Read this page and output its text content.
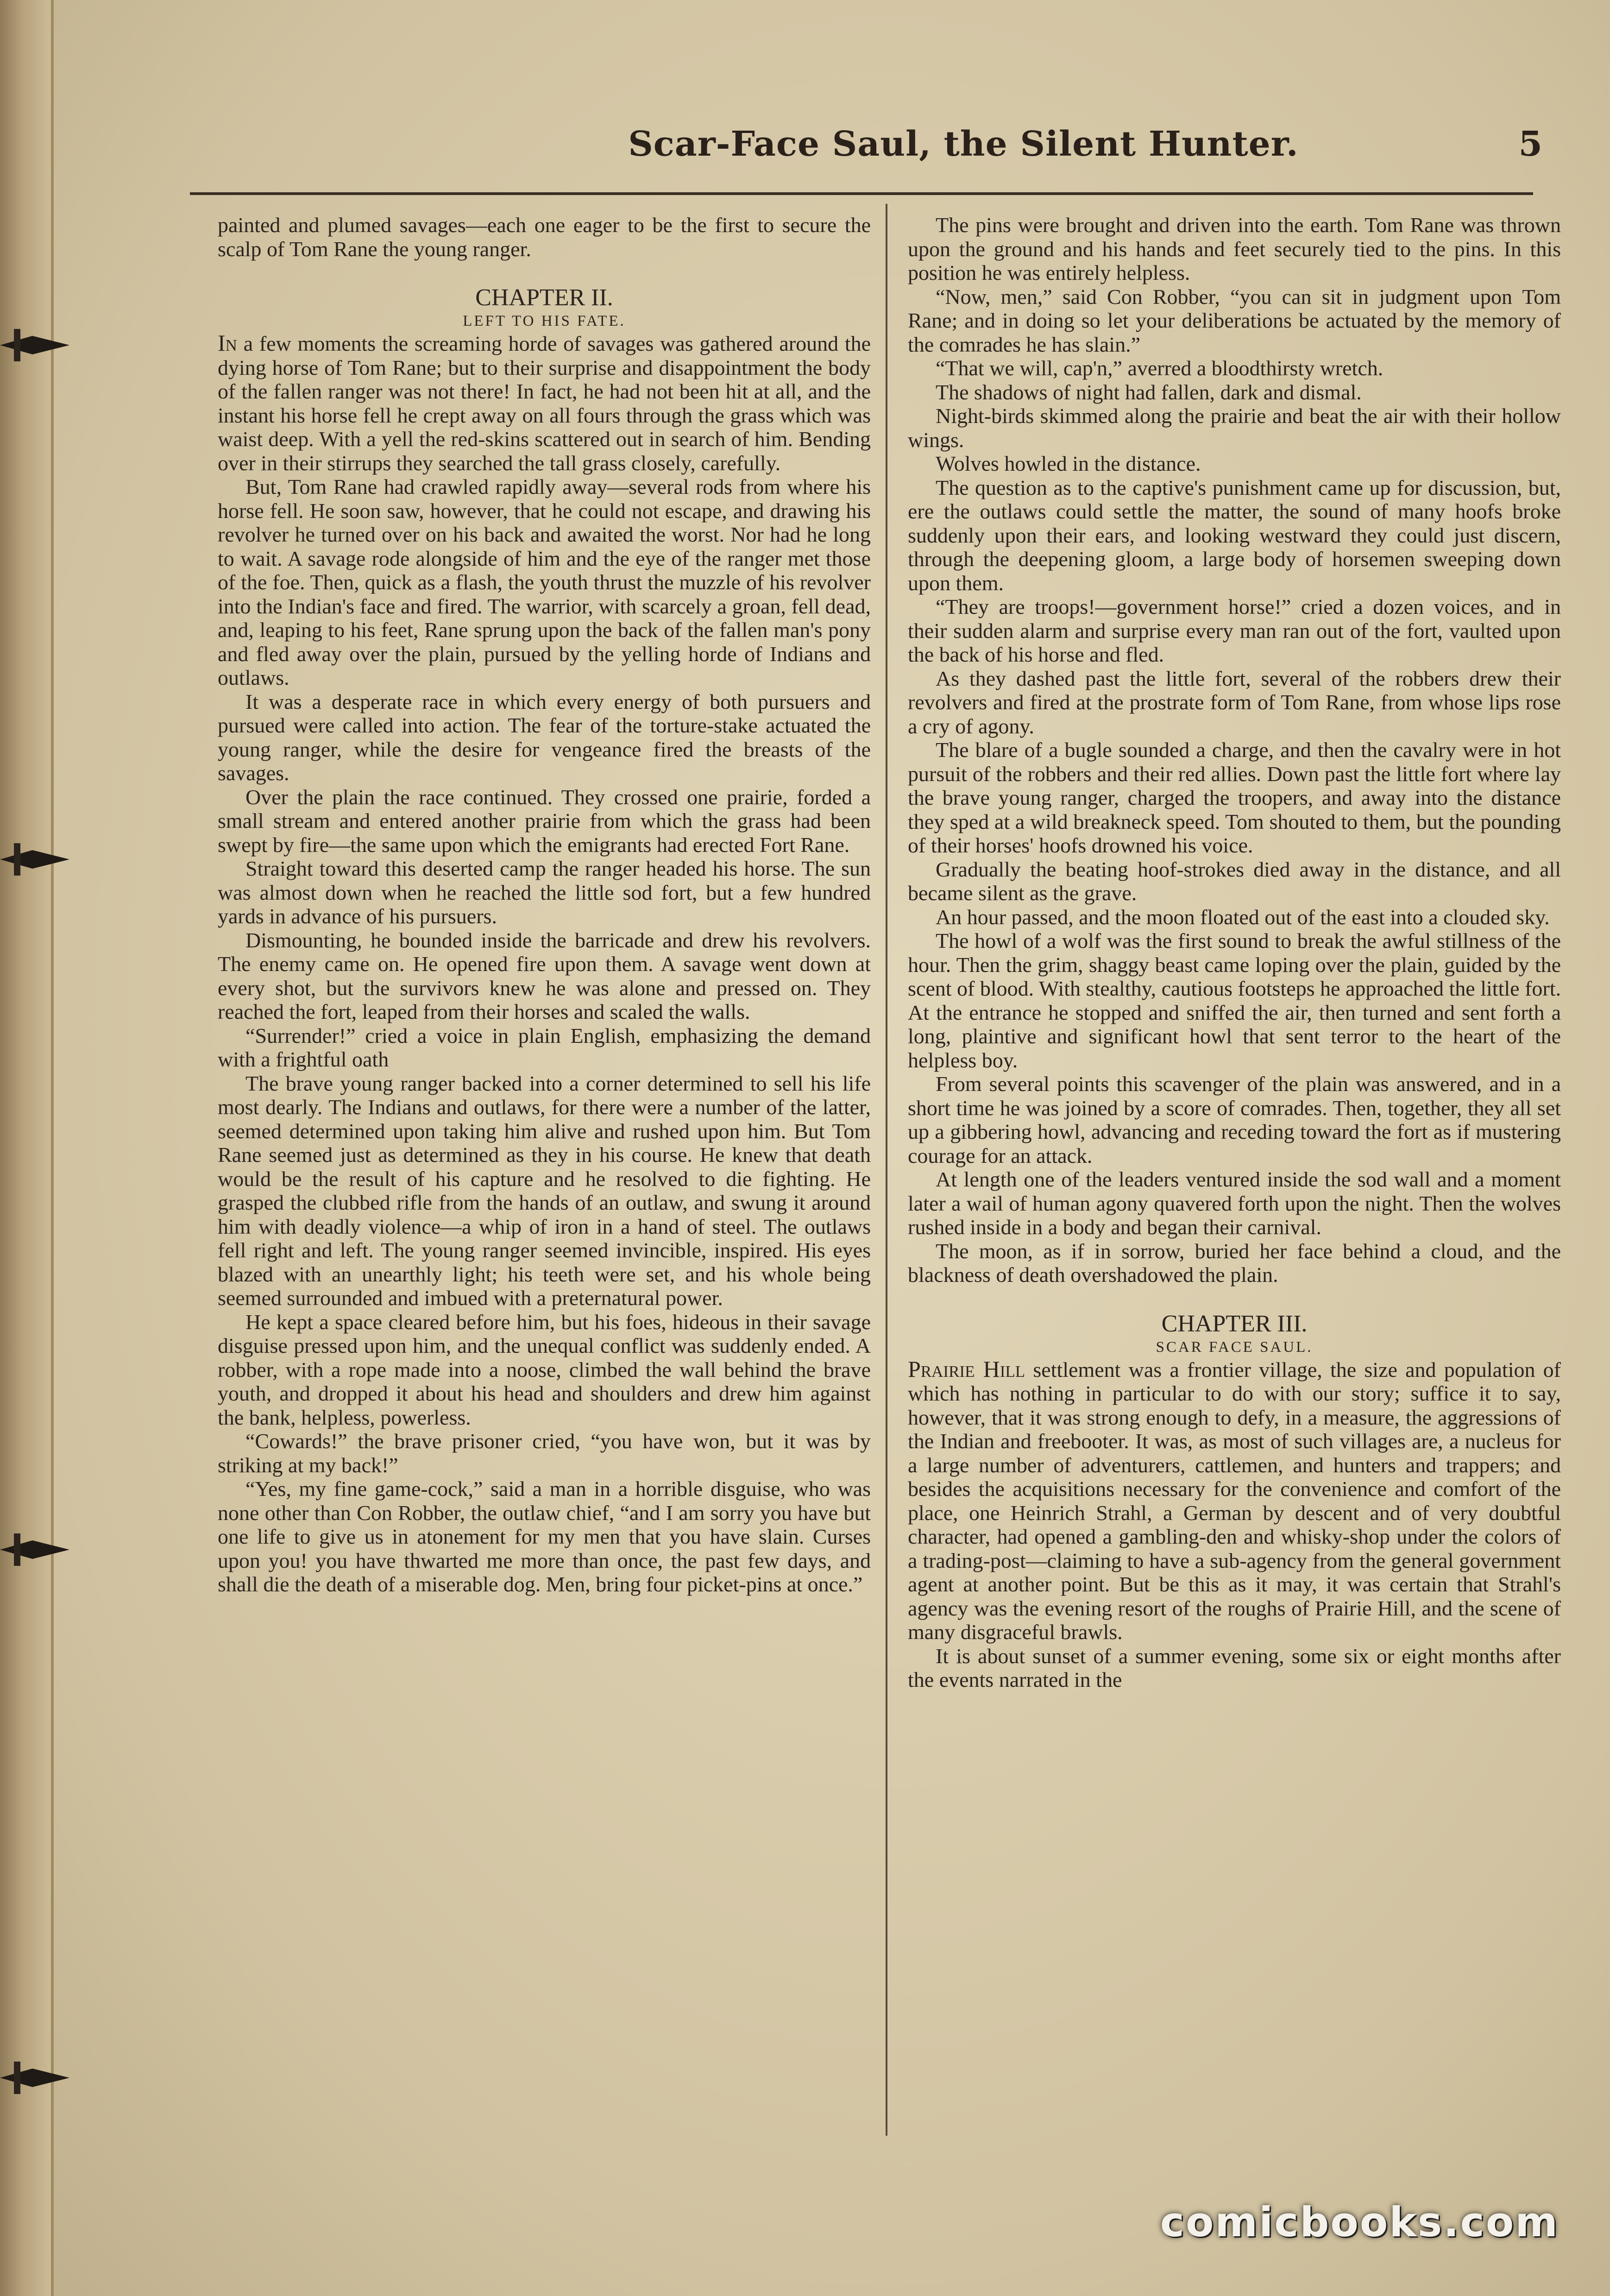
Scar-Face Saul, the Silent Hunter.	5

painted and plumed savages—each one eager to be the first to secure the scalp of Tom Rane the young ranger.

CHAPTER II.
LEFT TO HIS FATE.

In a few moments the screaming horde of savages was gathered around the dying horse of Tom Rane; but to their surprise and disappointment the body of the fallen ranger was not there! In fact, he had not been hit at all, and the instant his horse fell he crept away on all fours through the grass which was waist deep. With a yell the red-skins scattered out in search of him. Bending over in their stirrups they searched the tall grass closely, carefully.

But, Tom Rane had crawled rapidly away—several rods from where his horse fell. He soon saw, however, that he could not escape, and drawing his revolver he turned over on his back and awaited the worst. Nor had he long to wait. A savage rode alongside of him and the eye of the ranger met those of the foe. Then, quick as a flash, the youth thrust the muzzle of his revolver into the Indian's face and fired. The warrior, with scarcely a groan, fell dead, and, leaping to his feet, Rane sprung upon the back of the fallen man's pony and fled away over the plain, pursued by the yelling horde of Indians and outlaws.

It was a desperate race in which every energy of both pursuers and pursued were called into action. The fear of the torture-stake actuated the young ranger, while the desire for vengeance fired the breasts of the savages.

Over the plain the race continued. They crossed one prairie, forded a small stream and entered another prairie from which the grass had been swept by fire—the same upon which the emigrants had erected Fort Rane.

Straight toward this deserted camp the ranger headed his horse. The sun was almost down when he reached the little sod fort, but a few hundred yards in advance of his pursuers.

Dismounting, he bounded inside the barricade and drew his revolvers. The enemy came on. He opened fire upon them. A savage went down at every shot, but the survivors knew he was alone and pressed on. They reached the fort, leaped from their horses and scaled the walls.

“Surrender!” cried a voice in plain English, emphasizing the demand with a frightful oath

The brave young ranger backed into a corner determined to sell his life most dearly. The Indians and outlaws, for there were a number of the latter, seemed determined upon taking him alive and rushed upon him. But Tom Rane seemed just as determined as they in his course. He knew that death would be the result of his capture and he resolved to die fighting. He grasped the clubbed rifle from the hands of an outlaw, and swung it around him with deadly violence—a whip of iron in a hand of steel. The outlaws fell right and left. The young ranger seemed invincible, inspired. His eyes blazed with an unearthly light; his teeth were set, and his whole being seemed surrounded and imbued with a preternatural power.

He kept a space cleared before him, but his foes, hideous in their savage disguise pressed upon him, and the unequal conflict was suddenly ended. A robber, with a rope made into a noose, climbed the wall behind the brave youth, and dropped it about his head and shoulders and drew him against the bank, helpless, powerless.

“Cowards!” the brave prisoner cried, “you have won, but it was by striking at my back!”

“Yes, my fine game-cock,” said a man in a horrible disguise, who was none other than Con Robber, the outlaw chief, “and I am sorry you have but one life to give us in atonement for my men that you have slain. Curses upon you! you have thwarted me more than once, the past few days, and shall die the death of a miserable dog. Men, bring four picket-pins at once.”

The pins were brought and driven into the earth. Tom Rane was thrown upon the ground and his hands and feet securely tied to the pins. In this position he was entirely helpless.

“Now, men,” said Con Robber, “you can sit in judgment upon Tom Rane; and in doing so let your deliberations be actuated by the memory of the comrades he has slain.”

“That we will, cap'n,” averred a bloodthirsty wretch.

The shadows of night had fallen, dark and dismal.

Night-birds skimmed along the prairie and beat the air with their hollow wings.

Wolves howled in the distance.

The question as to the captive's punishment came up for discussion, but, ere the outlaws could settle the matter, the sound of many hoofs broke suddenly upon their ears, and looking westward they could just discern, through the deepening gloom, a large body of horsemen sweeping down upon them.

“They are troops!—government horse!” cried a dozen voices, and in their sudden alarm and surprise every man ran out of the fort, vaulted upon the back of his horse and fled.

As they dashed past the little fort, several of the robbers drew their revolvers and fired at the prostrate form of Tom Rane, from whose lips rose a cry of agony.

The blare of a bugle sounded a charge, and then the cavalry were in hot pursuit of the robbers and their red allies. Down past the little fort where lay the brave young ranger, charged the troopers, and away into the distance they sped at a wild breakneck speed. Tom shouted to them, but the pounding of their horses' hoofs drowned his voice.

Gradually the beating hoof-strokes died away in the distance, and all became silent as the grave.

An hour passed, and the moon floated out of the east into a clouded sky.

The howl of a wolf was the first sound to break the awful stillness of the hour. Then the grim, shaggy beast came loping over the plain, guided by the scent of blood. With stealthy, cautious footsteps he approached the little fort. At the entrance he stopped and sniffed the air, then turned and sent forth a long, plaintive and significant howl that sent terror to the heart of the helpless boy.

From several points this scavenger of the plain was answered, and in a short time he was joined by a score of comrades. Then, together, they all set up a gibbering howl, advancing and receding toward the fort as if mustering courage for an attack.

At length one of the leaders ventured inside the sod wall and a moment later a wail of human agony quavered forth upon the night. Then the wolves rushed inside in a body and began their carnival.

The moon, as if in sorrow, buried her face behind a cloud, and the blackness of death overshadowed the plain.

CHAPTER III.
SCAR FACE SAUL.

Prairie Hill settlement was a frontier village, the size and population of which has nothing in particular to do with our story; suffice it to say, however, that it was strong enough to defy, in a measure, the aggressions of the Indian and freebooter. It was, as most of such villages are, a nucleus for a large number of adventurers, cattlemen, and hunters and trappers; and besides the acquisitions necessary for the convenience and comfort of the place, one Heinrich Strahl, a German by descent and of very doubtful character, had opened a gambling-den and whisky-shop under the colors of a trading-post—claiming to have a sub-agency from the general government agent at another point. But be this as it may, it was certain that Strahl's agency was the evening resort of the roughs of Prairie Hill, and the scene of many disgraceful brawls.

It is about sunset of a summer evening, some six or eight months after the events narrated in the

comicbooks.com
